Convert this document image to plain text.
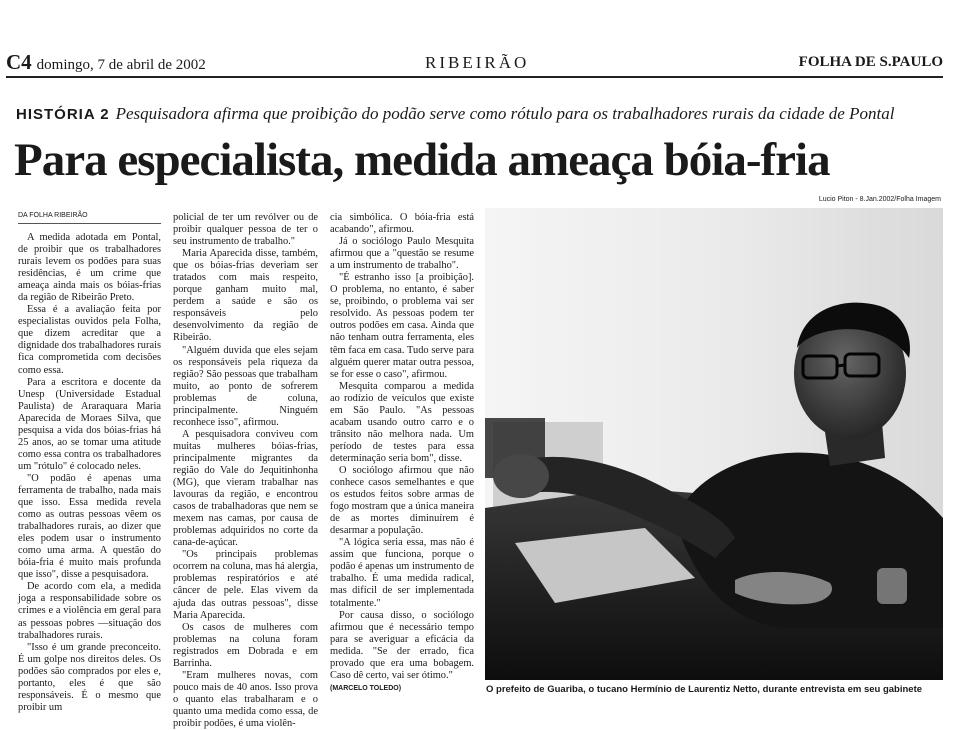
C4 domingo, 7 de abril de 2002	RIBEIRÃO	FOLHA DE S.PAULO
HISTÓRIA 2 Pesquisadora afirma que proibição do podão serve como rótulo para os trabalhadores rurais da cidade de Pontal
Para especialista, medida ameaça bóia-fria
Lucio Piton - 8.Jan.2002/Folha Imagem
DA FOLHA RIBEIRÃO

A medida adotada em Pontal, de proibir que os trabalhadores rurais levem os podões para suas residências, é um crime que ameaça ainda mais os bóias-frias da região de Ribeirão Preto.

Essa é a avaliação feita por especialistas ouvidos pela Folha, que dizem acreditar que a dignidade dos trabalhadores rurais fica comprometida com decisões como essa.

Para a escritora e docente da Unesp (Universidade Estadual Paulista) de Araraquara Maria Aparecida de Moraes Silva, que pesquisa a vida dos bóias-frias há 25 anos, ao se tomar uma atitude como essa contra os trabalhadores um "rótulo" é colocado neles.

"O podão é apenas uma ferramenta de trabalho, nada mais que isso. Essa medida revela como as outras pessoas vêem os trabalhadores rurais, ao dizer que eles podem usar o instrumento como uma arma. A questão do bóia-fria é muito mais profunda que isso", disse a pesquisadora.

De acordo com ela, a medida joga a responsabilidade sobre os crimes e a violência em geral para as pessoas pobres —situação dos trabalhadores rurais.

"Isso é um grande preconceito. É um golpe nos direitos deles. Os podões são comprados por eles e, portanto, eles é que são responsáveis. É o mesmo que proibir um

policial de ter um revólver ou de proibir qualquer pessoa de ter o seu instrumento de trabalho."

Maria Aparecida disse, também, que os bóias-frias deveriam ser tratados com mais respeito, porque ganham muito mal, perdem a saúde e são os responsáveis pelo desenvolvimento da região de Ribeirão.

"Alguém duvida que eles sejam os responsáveis pela riqueza da região? São pessoas que trabalham muito, ao ponto de sofrerem problemas de coluna, principalmente. Ninguém reconhece isso", afirmou.

A pesquisadora conviveu com muitas mulheres bóias-frias, principalmente migrantes da região do Vale do Jequitinhonha (MG), que vieram trabalhar nas lavouras da região, e encontrou casos de trabalhadoras que nem se mexem nas camas, por causa de problemas adquiridos no corte da cana-de-açúcar.

"Os principais problemas ocorrem na coluna, mas há alergia, problemas respiratórios e até câncer de pele. Elas vivem da ajuda das outras pessoas", disse Maria Aparecida.

Os casos de mulheres com problemas na coluna foram registrados em Dobrada e em Barrinha.

"Eram mulheres novas, com pouco mais de 40 anos. Isso prova o quanto elas trabalharam e o quanto uma medida como essa, de proibir podões, é uma violên-

cia simbólica. O bóia-fria está acabando", afirmou.

Já o sociólogo Paulo Mesquita afirmou que a "questão se resume a um instrumento de trabalho".

"É estranho isso [a proibição]. O problema, no entanto, é saber se, proibindo, o problema vai ser resolvido. As pessoas podem ter outros podões em casa. Ainda que não tenham outra ferramenta, eles têm faca em casa. Tudo serve para alguém querer matar outra pessoa, se for esse o caso", afirmou.

Mesquita comparou a medida ao rodízio de veículos que existe em São Paulo. "As pessoas acabam usando outro carro e o trânsito não melhora nada. Um período de testes para essa determinação seria bom", disse.

O sociólogo afirmou que não conhece casos semelhantes e que os estudos feitos sobre armas de fogo mostram que a única maneira de as mortes diminuírem é desarmar a população.

"A lógica seria essa, mas não é assim que funciona, porque o podão é apenas um instrumento de trabalho. É uma medida radical, mas difícil de ser implementada totalmente."

Por causa disso, o sociólogo afirmou que é necessário tempo para se averiguar a eficácia da medida. "Se der errado, fica provado que era uma bobagem. Caso dê certo, vai ser ótimo."

(MARCELO TOLEDO)	O prefeito de Guariba, o tucano Hermínio de Laurentiz Netto, durante entrevista em seu gabinete
